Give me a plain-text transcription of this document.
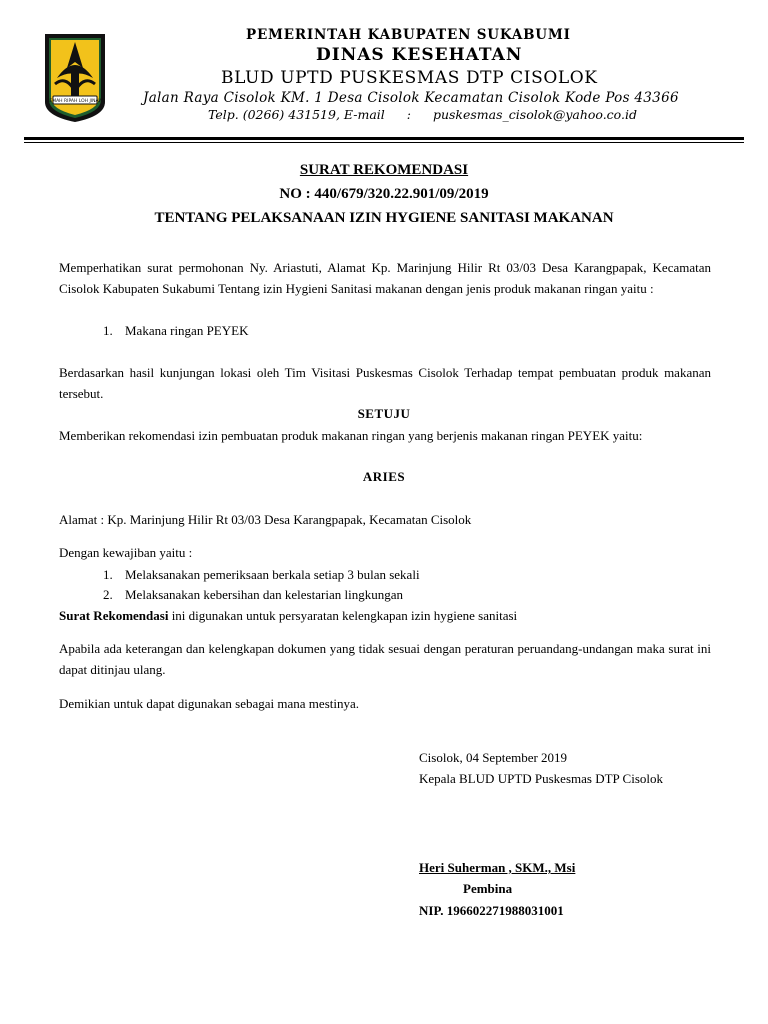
GEMAH RIPAH LOH JINAWI
PEMERINTAH KABUPATEN SUKABUMI
DINAS KESEHATAN
BLUD UPTD PUSKESMAS DTP CISOLOK
Jalan Raya Cisolok KM. 1 Desa Cisolok Kecamatan Cisolok Kode Pos 43366
Telp. (0266) 431519, E-mail : puskesmas_cisolok@yahoo.co.id
SURAT REKOMENDASI
NO : 440/679/320.22.901/09/2019
TENTANG PELAKSANAAN IZIN HYGIENE SANITASI MAKANAN
Memperhatikan surat permohonan Ny. Ariastuti, Alamat Kp. Marinjung Hilir Rt 03/03 Desa Karangpapak, Kecamatan Cisolok Kabupaten Sukabumi Tentang izin Hygieni Sanitasi makanan dengan jenis produk makanan ringan yaitu :
1. Makana ringan PEYEK
Berdasarkan hasil kunjungan lokasi oleh Tim Visitasi Puskesmas Cisolok Terhadap tempat pembuatan produk makanan tersebut.
SETUJU
Memberikan rekomendasi izin pembuatan produk makanan ringan yang berjenis makanan ringan PEYEK yaitu:
ARIES
Alamat : Kp. Marinjung Hilir Rt 03/03 Desa Karangpapak, Kecamatan Cisolok
Dengan kewajiban yaitu :
1. Melaksanakan pemeriksaan berkala setiap 3 bulan sekali
2. Melaksanakan kebersihan dan kelestarian lingkungan
Surat Rekomendasi ini digunakan untuk persyaratan kelengkapan izin hygiene sanitasi
Apabila ada keterangan dan kelengkapan dokumen yang tidak sesuai dengan peraturan peruandang-undangan maka surat ini dapat ditinjau ulang.
Demikian untuk dapat digunakan sebagai mana mestinya.
Cisolok, 04 September 2019
Kepala BLUD UPTD Puskesmas DTP Cisolok
Heri Suherman , SKM., Msi
Pembina
NIP. 196602271988031001
